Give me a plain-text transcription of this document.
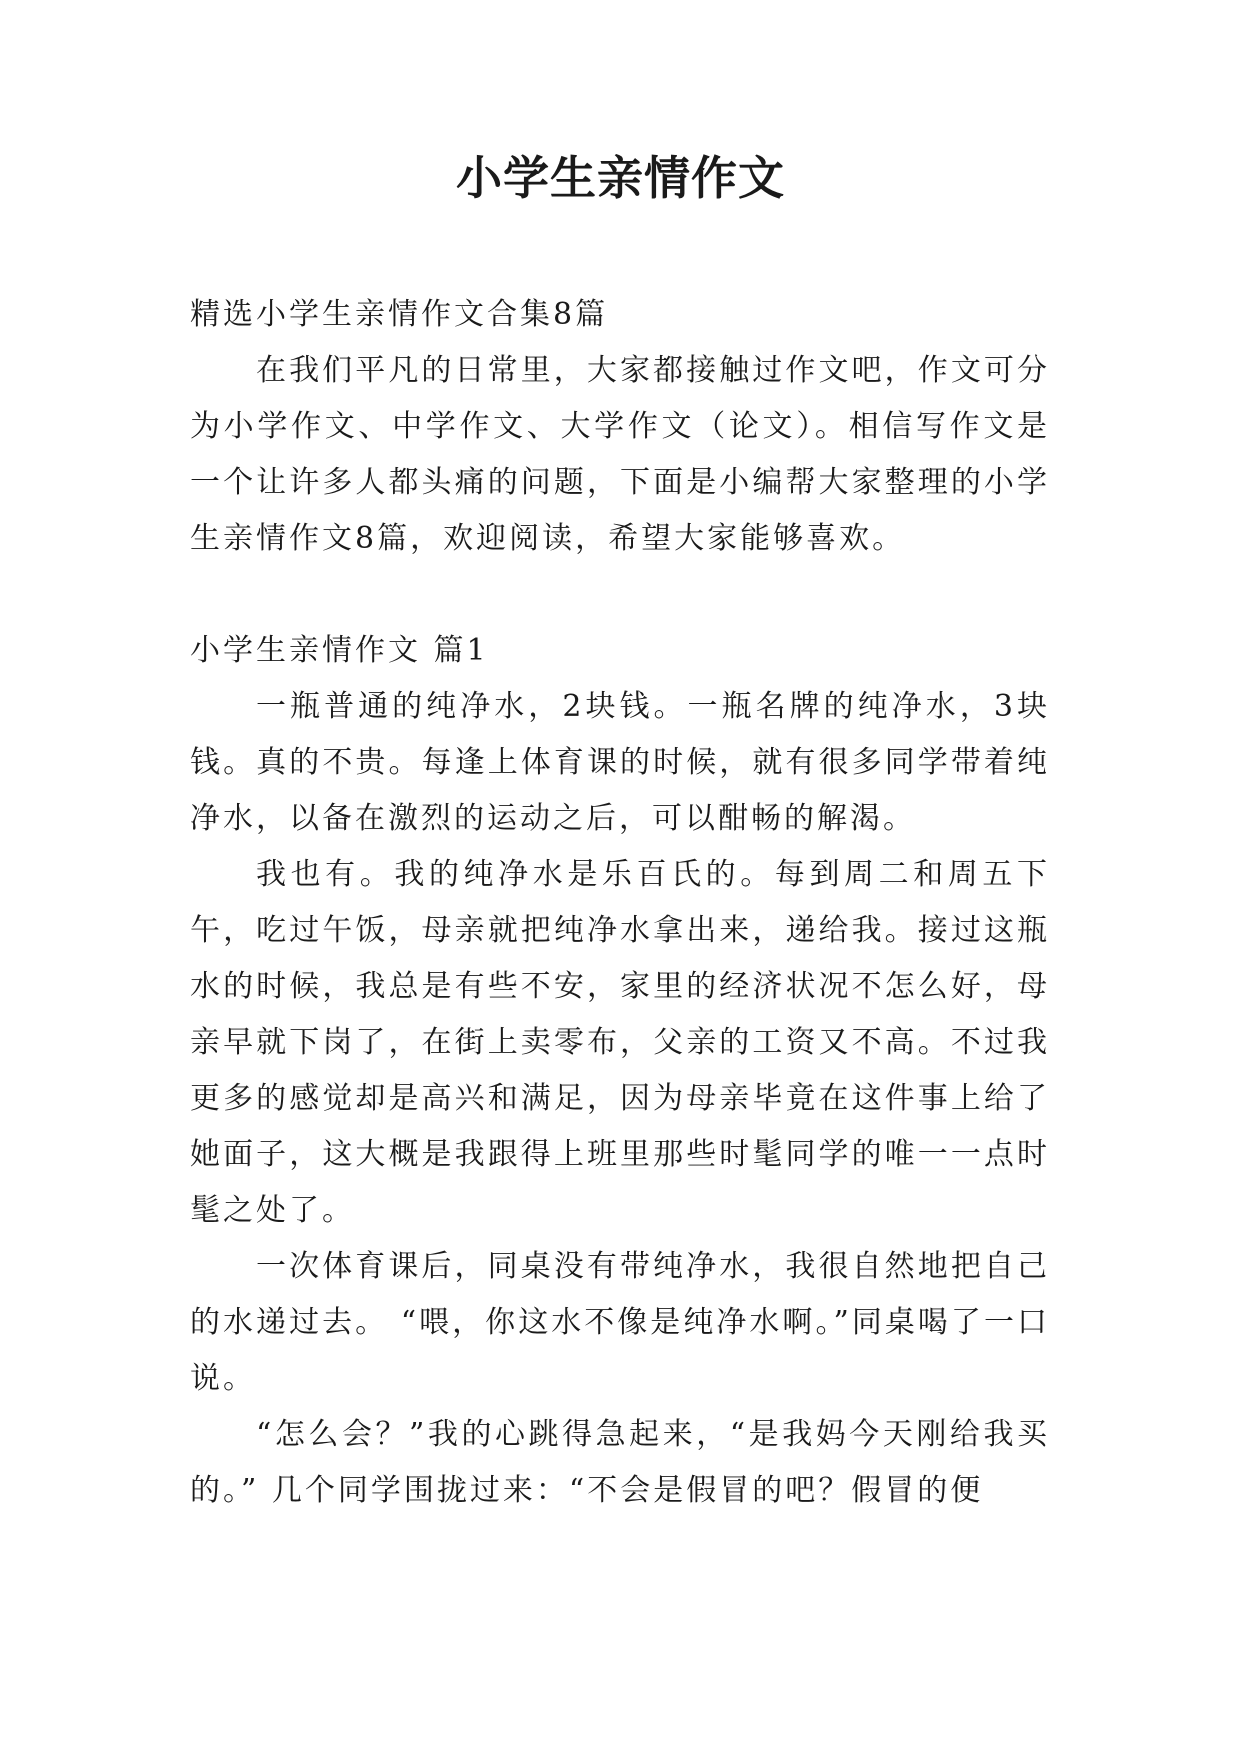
小学生亲情作文

精选小学生亲情作文合集8篇

在我们平凡的日常里，大家都接触过作文吧，作文可分为小学作文、中学作文、大学作文（论文）。相信写作文是一个让许多人都头痛的问题，下面是小编帮大家整理的小学生亲情作文8篇，欢迎阅读，希望大家能够喜欢。

小学生亲情作文 篇1

一瓶普通的纯净水，2块钱。一瓶名牌的纯净水，3块钱。真的不贵。每逢上体育课的时候，就有很多同学带着纯净水，以备在激烈的运动之后，可以酣畅的解渴。

我也有。我的纯净水是乐百氏的。每到周二和周五下午，吃过午饭，母亲就把纯净水拿出来，递给我。接过这瓶水的时候，我总是有些不安，家里的经济状况不怎么好，母亲早就下岗了，在街上卖零布，父亲的工资又不高。不过我更多的感觉却是高兴和满足，因为母亲毕竟在这件事上给了她面子，这大概是我跟得上班里那些时髦同学的唯一一点时髦之处了。

一次体育课后，同桌没有带纯净水，我很自然地把自己的水递过去。 “喂，你这水不像是纯净水啊。”同桌喝了一口说。

“怎么会？”我的心跳得急起来，“是我妈今天刚给我买的。” 几个同学围拢过来：“不会是假冒的吧？假冒的便
